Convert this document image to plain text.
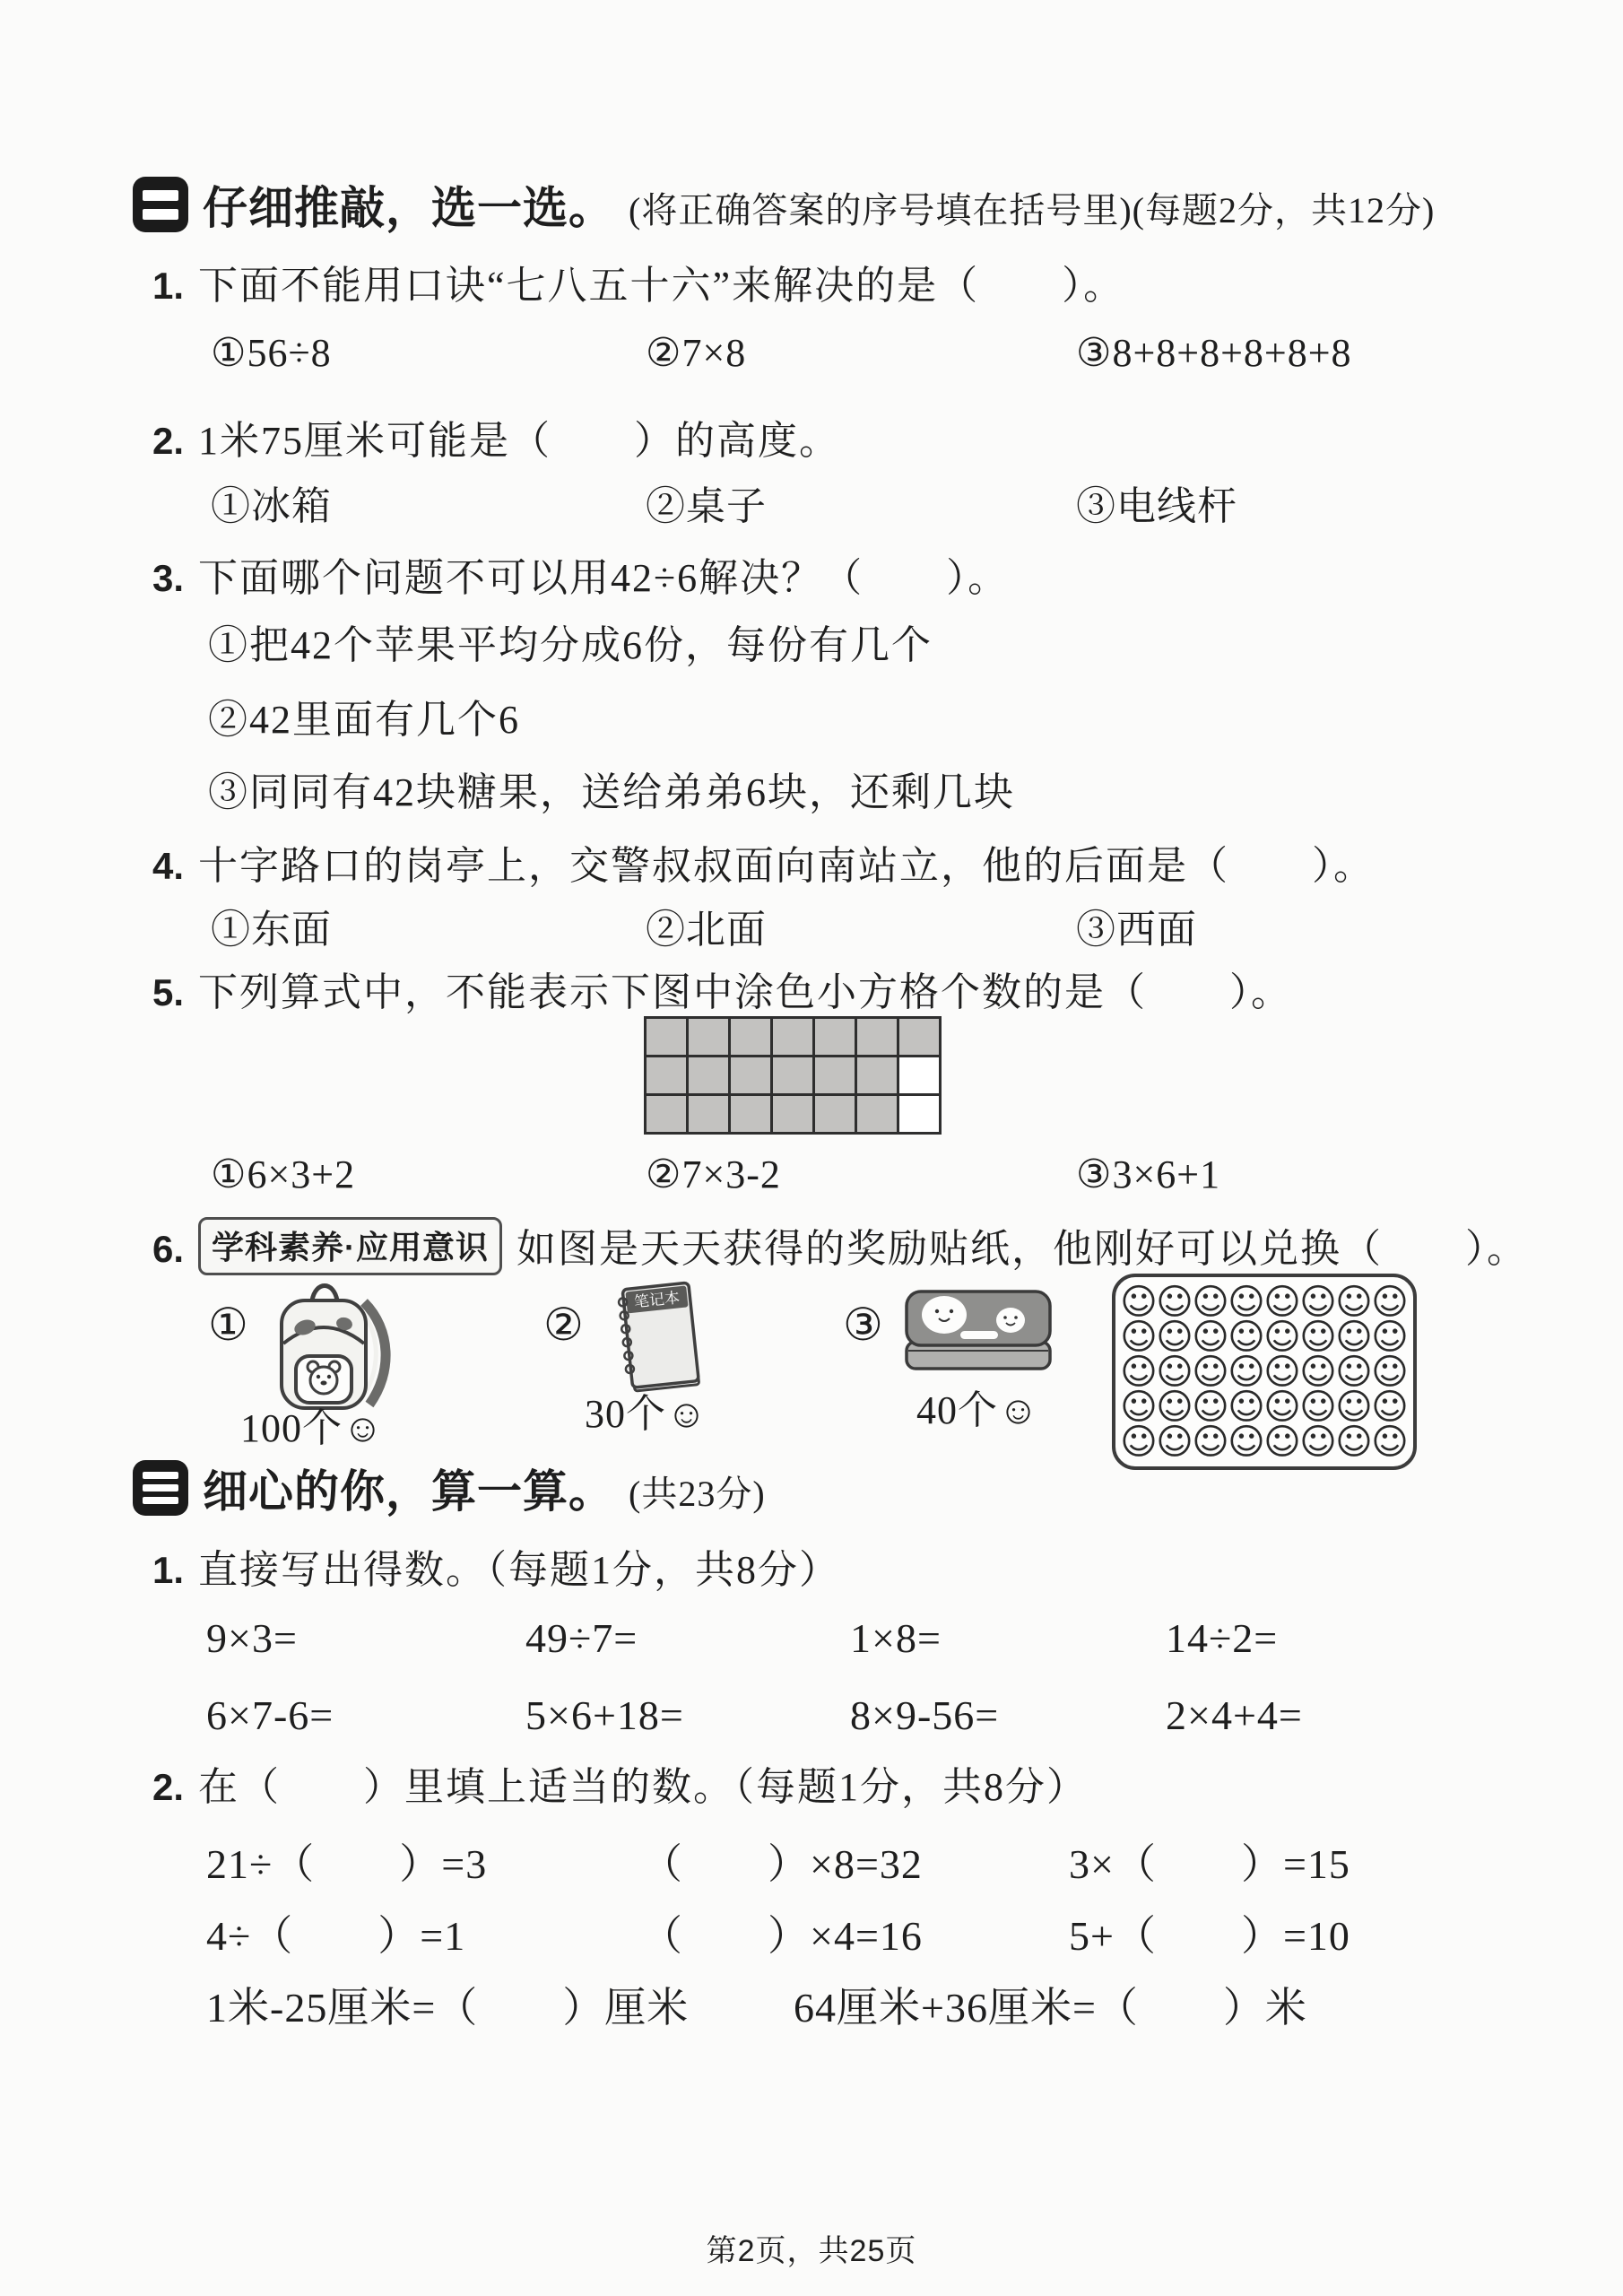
仔细推敲，选一选。 (将正确答案的序号填在括号里)(每题2分，共12分)
1. 下面不能用口诀“七八五十六”来解决的是（　　）。
①56÷8	②7×8	③8+8+8+8+8+8
2. 1米75厘米可能是（　　）的高度。
①冰箱	②桌子	③电线杆
3. 下面哪个问题不可以用42÷6解决？（　　）。
①把42个苹果平均分成6份，每份有几个
②42里面有几个6
③同同有42块糖果，送给弟弟6块，还剩几块
4. 十字路口的岗亭上，交警叔叔面向南站立，他的后面是（　　）。
①东面	②北面	③西面
5. 下列算式中，不能表示下图中涂色小方格个数的是（　　）。
①6×3+2	②7×3-2	③3×6+1
6. 学科素养·应用意识 如图是天天获得的奖励贴纸，他刚好可以兑换（　　）。
①
100个☺
②	笔记本
30个☺
③
40个☺
☺
☺
☺
☺
☺
☺
☺
☺
☺
☺
☺
☺
☺
☺
☺
☺
☺
☺
☺
☺
☺
☺
☺
☺
☺
☺
☺
☺
☺
☺
☺
☺
☺
☺
☺
☺
☺
☺
☺
☺
细心的你，算一算。 (共23分)
1. 直接写出得数。（每题1分，共8分）
9×3=	49÷7=	1×8=	14÷2=
6×7-6=	5×6+18=	8×9-56=	2×4+4=
2. 在（　　）里填上适当的数。（每题1分，共8分）
21÷（　　）=3	（　　）×8=32	3×（　　）=15
4÷（　　）=1	（　　）×4=16	5+（　　）=10
1米-25厘米=（　　）厘米	64厘米+36厘米=（　　）米
第2页，共25页
